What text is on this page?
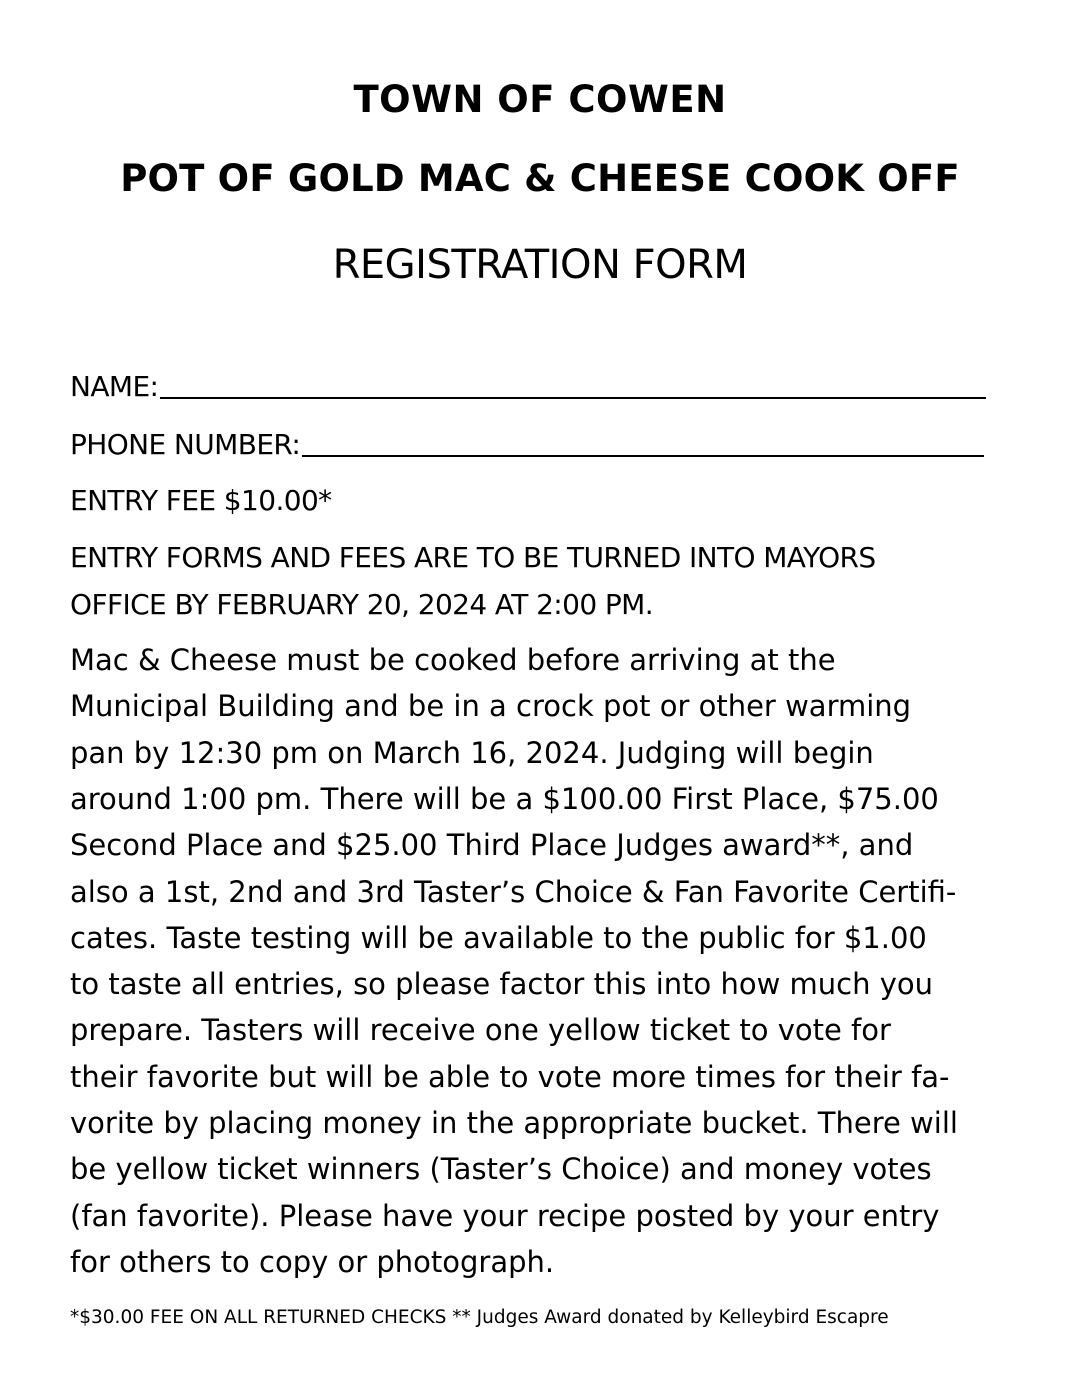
TOWN OF COWEN
POT OF GOLD MAC & CHEESE COOK OFF
REGISTRATION FORM
NAME:
PHONE NUMBER:
ENTRY FEE $10.00*
ENTRY FORMS AND FEES ARE TO BE TURNED INTO MAYORS
OFFICE BY FEBRUARY 20, 2024 AT 2:00 PM.
Mac & Cheese must be cooked before arriving at the
Municipal Building and be in a crock pot or other warming
pan by 12:30 pm on March 16, 2024. Judging will begin
around 1:00 pm. There will be a $100.00 First Place, $75.00
Second Place and $25.00 Third Place Judges award**, and
also a 1st, 2nd and 3rd Taster’s Choice & Fan Favorite Certifi-
cates. Taste testing will be available to the public for $1.00
to taste all entries, so please factor this into how much you
prepare. Tasters will receive one yellow ticket to vote for
their favorite but will be able to vote more times for their fa-
vorite by placing money in the appropriate bucket. There will
be yellow ticket winners (Taster’s Choice) and money votes
(fan favorite). Please have your recipe posted by your entry
for others to copy or photograph.
*$30.00 FEE ON ALL RETURNED CHECKS ** Judges Award donated by Kelleybird Escapre
